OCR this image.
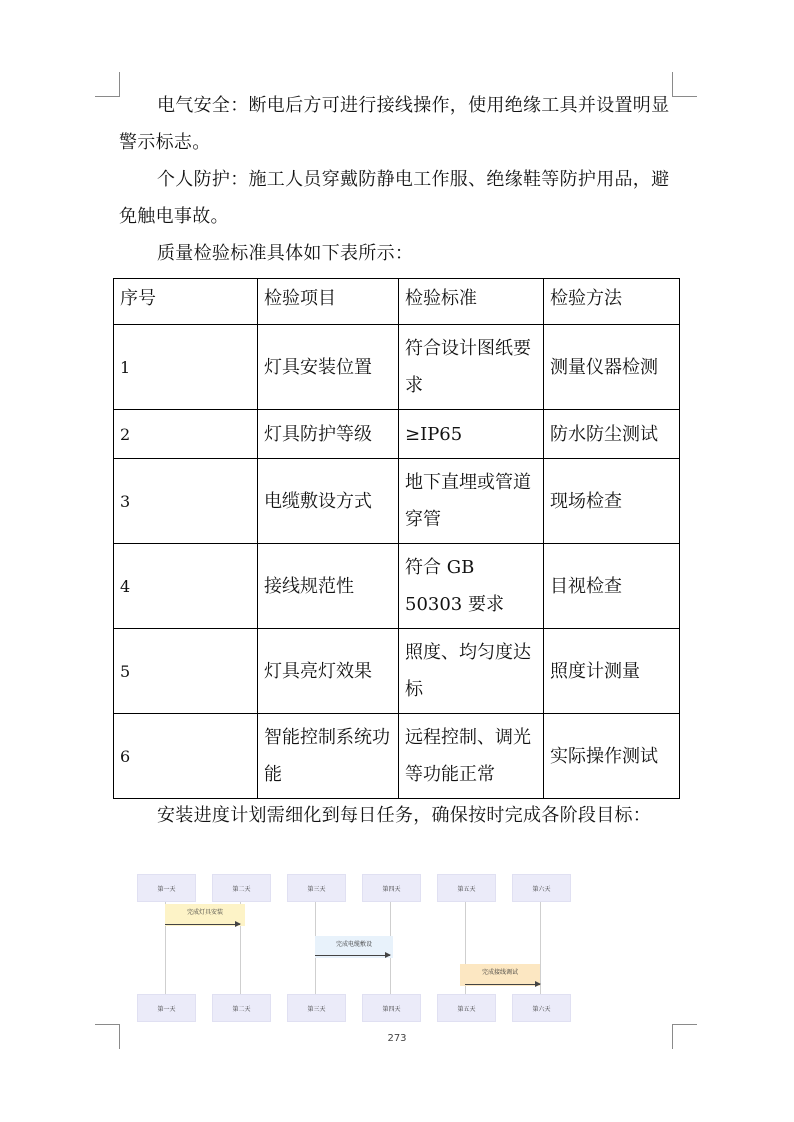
电气安全：断电后方可进行接线操作，使用绝缘工具并设置明显警示标志。

个人防护：施工人员穿戴防静电工作服、绝缘鞋等防护用品，避免触电事故。

质量检验标准具体如下表所示：

序号	检验项目	检验标准	检验方法
1	灯具安装位置	符合设计图纸要求	测量仪器检测
2	灯具防护等级	≥IP65	防水防尘测试
3	电缆敷设方式	地下直埋或管道穿管	现场检查
4	接线规范性	符合 GB 50303 要求	目视检查
5	灯具亮灯效果	照度、均匀度达标	照度计测量
6	智能控制系统功能	远程控制、调光等功能正常	实际操作测试

安装进度计划需细化到每日任务，确保按时完成各阶段目标：

第一天	第二天	第三天	第四天	第五天	第六天
完成灯具安装
完成电缆敷设
完成接线调试
第一天	第二天	第三天	第四天	第五天	第六天
273
